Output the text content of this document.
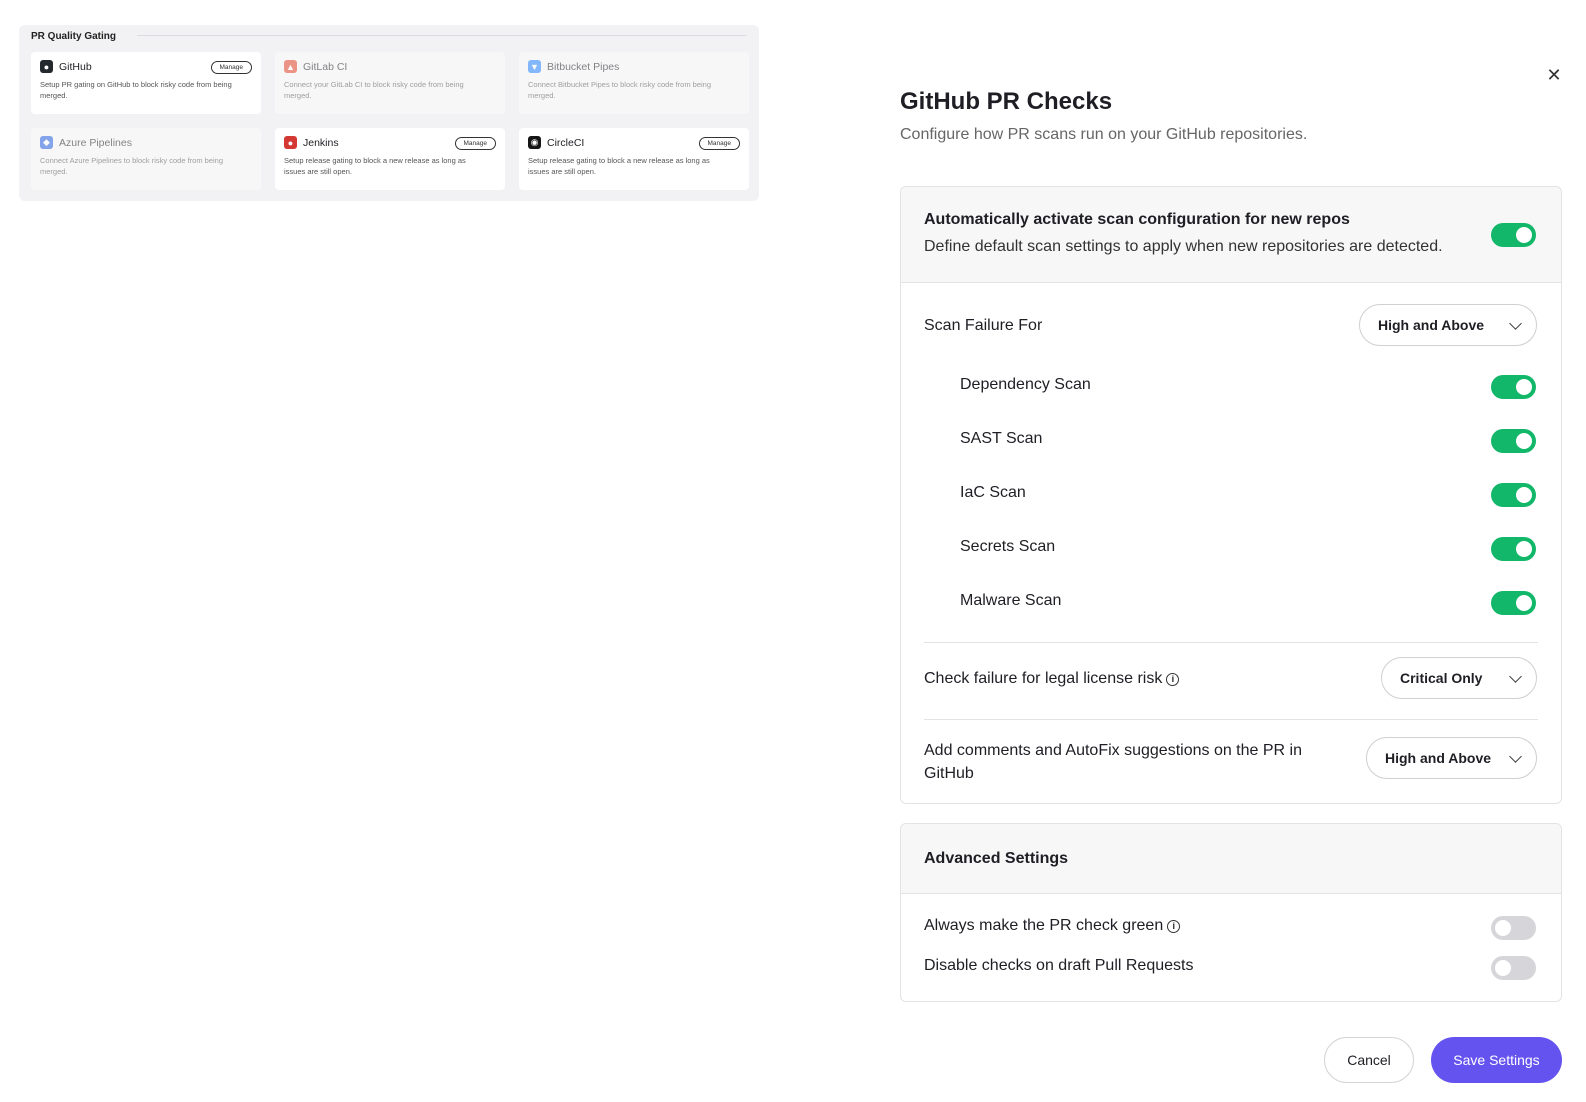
PR Quality Gating
● GitHub
Setup PR gating on GitHub to block risky code from being merged.
Manage	▲ GitLab CI
Connect your GitLab CI to block risky code from being merged.
▼ Bitbucket Pipes
Connect Bitbucket Pipes to block risky code from being merged.
◆ Azure Pipelines
Connect Azure Pipelines to block risky code from being merged.
● Jenkins
Setup release gating to block a new release as long as issues are still open.
Manage	◉ CircleCI
Setup release gating to block a new release as long as issues are still open.
Manage
✕
GitHub PR Checks
Configure how PR scans run on your GitHub repositories.
Automatically activate scan configuration for new repos
Define default scan settings to apply when new repositories are detected.
Scan Failure For	High and Above
Dependency Scan
SAST Scan
IaC Scan
Secrets Scan
Malware Scan
Check failure for legal license risk i	Critical Only
Add comments and AutoFix suggestions on the PR in
GitHub
High and Above
Advanced Settings
Always make the PR check green i
Disable checks on draft Pull Requests
Cancel	Save Settings
